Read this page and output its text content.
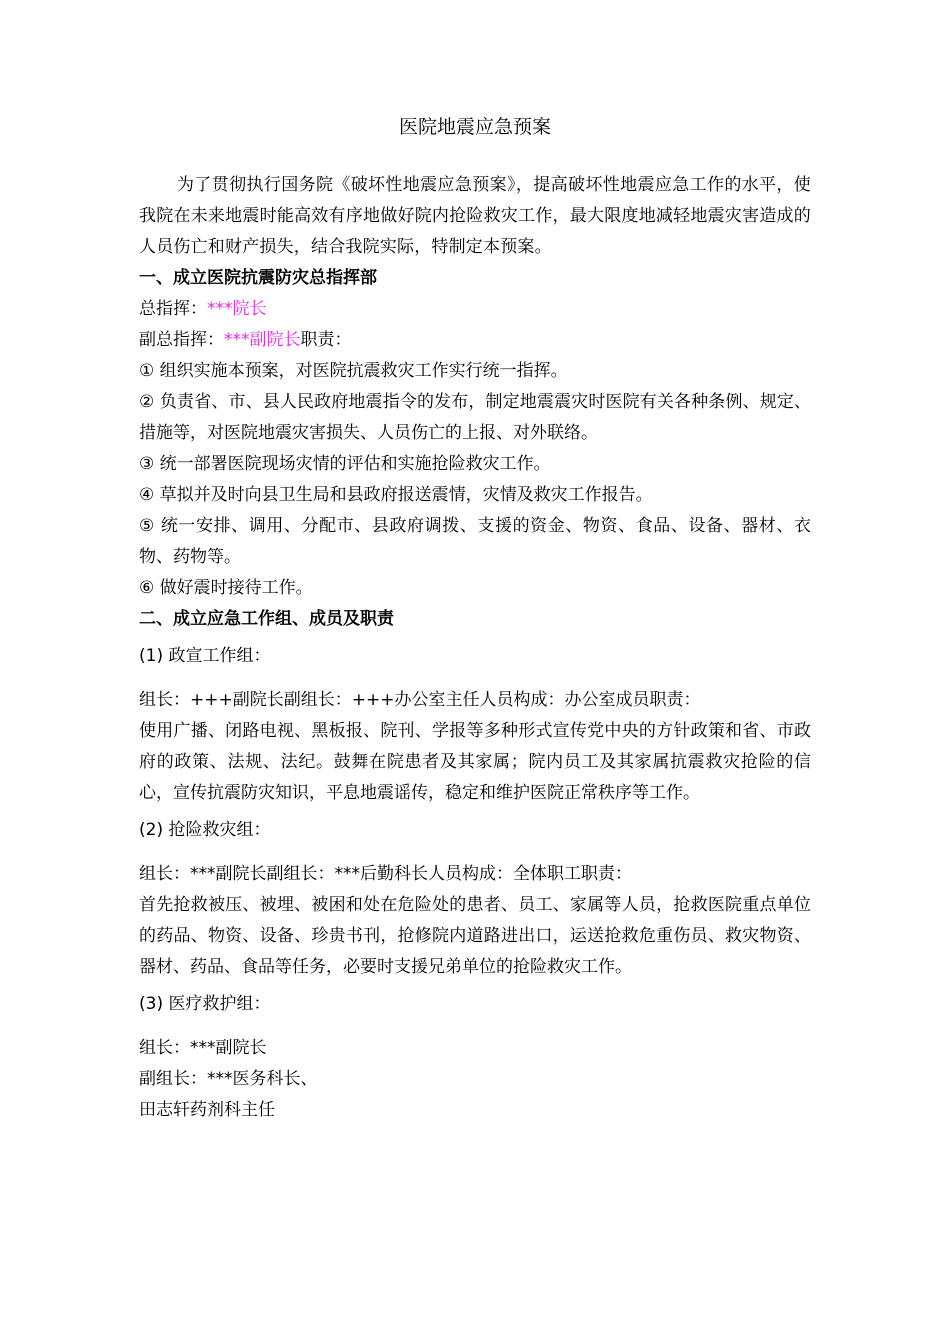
医院地震应急预案

为了贯彻执行国务院《破坏性地震应急预案》，提高破坏性地震应急工作的水平，使我院在未来地震时能高效有序地做好院内抢险救灾工作，最大限度地减轻地震灾害造成的人员伤亡和财产损失，结合我院实际，特制定本预案。

一、成立医院抗震防灾总指挥部

总指挥：***院长

副总指挥：***副院长职责：

① 组织实施本预案，对医院抗震救灾工作实行统一指挥。

② 负责省、市、县人民政府地震指令的发布，制定地震震灾时医院有关各种条例、规定、措施等，对医院地震灾害损失、人员伤亡的上报、对外联络。

③ 统一部署医院现场灾情的评估和实施抢险救灾工作。

④ 草拟并及时向县卫生局和县政府报送震情，灾情及救灾工作报告。

⑤ 统一安排、调用、分配市、县政府调拨、支援的资金、物资、食品、设备、器材、衣物、药物等。

⑥ 做好震时接待工作。

二、成立应急工作组、成员及职责

(1) 政宣工作组：

组长：+++副院长副组长：+++办公室主任人员构成：办公室成员职责：

使用广播、闭路电视、黑板报、院刊、学报等多种形式宣传党中央的方针政策和省、市政府的政策、法规、法纪。鼓舞在院患者及其家属；院内员工及其家属抗震救灾抢险的信心，宣传抗震防灾知识，平息地震谣传，稳定和维护医院正常秩序等工作。

(2) 抢险救灾组：

组长：***副院长副组长：***后勤科长人员构成：全体职工职责：

首先抢救被压、被埋、被困和处在危险处的患者、员工、家属等人员，抢救医院重点单位的药品、物资、设备、珍贵书刊，抢修院内道路进出口，运送抢救危重伤员、救灾物资、器材、药品、食品等任务，必要时支援兄弟单位的抢险救灾工作。

(3) 医疗救护组：

组长：***副院长

副组长：***医务科长、

田志轩药剂科主任
